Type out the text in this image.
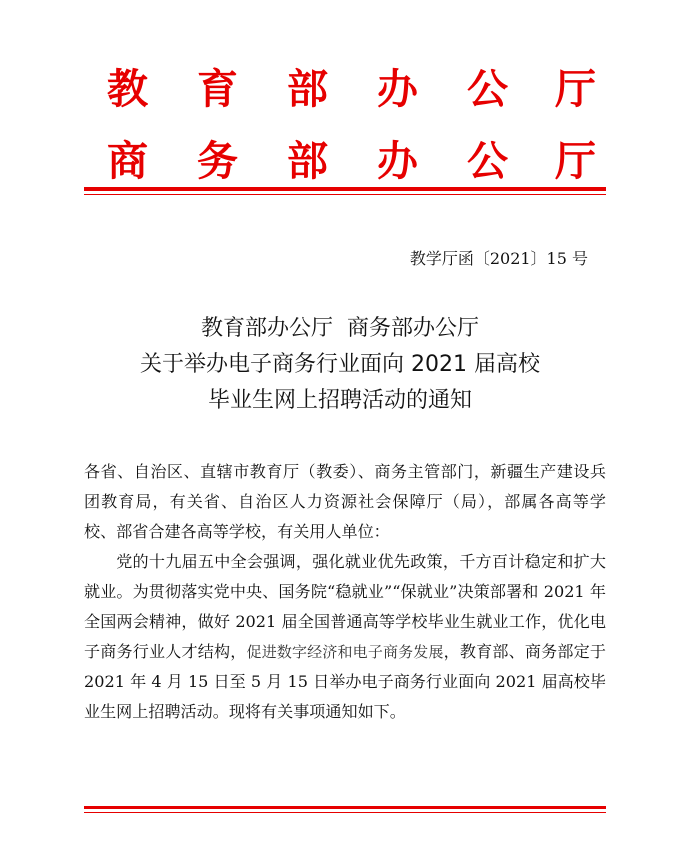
教 育 部 办 公 厅
商 务 部 办 公 厅
教学厅函〔2021〕15 号
教育部办公厅  商务部办公厅
关于举办电子商务行业面向 2021 届高校
毕业生网上招聘活动的通知

各省、自治区、直辖市教育厅（教委）、商务主管部门，新疆生产建设兵团教育局，有关省、自治区人力资源社会保障厅（局），部属各高等学校、部省合建各高等学校，有关用人单位：

党的十九届五中全会强调，强化就业优先政策，千方百计稳定和扩大就业。为贯彻落实党中央、国务院“稳就业”“保就业”决策部署和 2021 年全国两会精神，做好 2021 届全国普通高等学校毕业生就业工作，优化电子商务行业人才结构，促进数字经济和电子商务发展，教育部、商务部定于 2021 年 4 月 15 日至 5 月 15 日举办电子商务行业面向 2021 届高校毕业生网上招聘活动。现将有关事项通知如下。
